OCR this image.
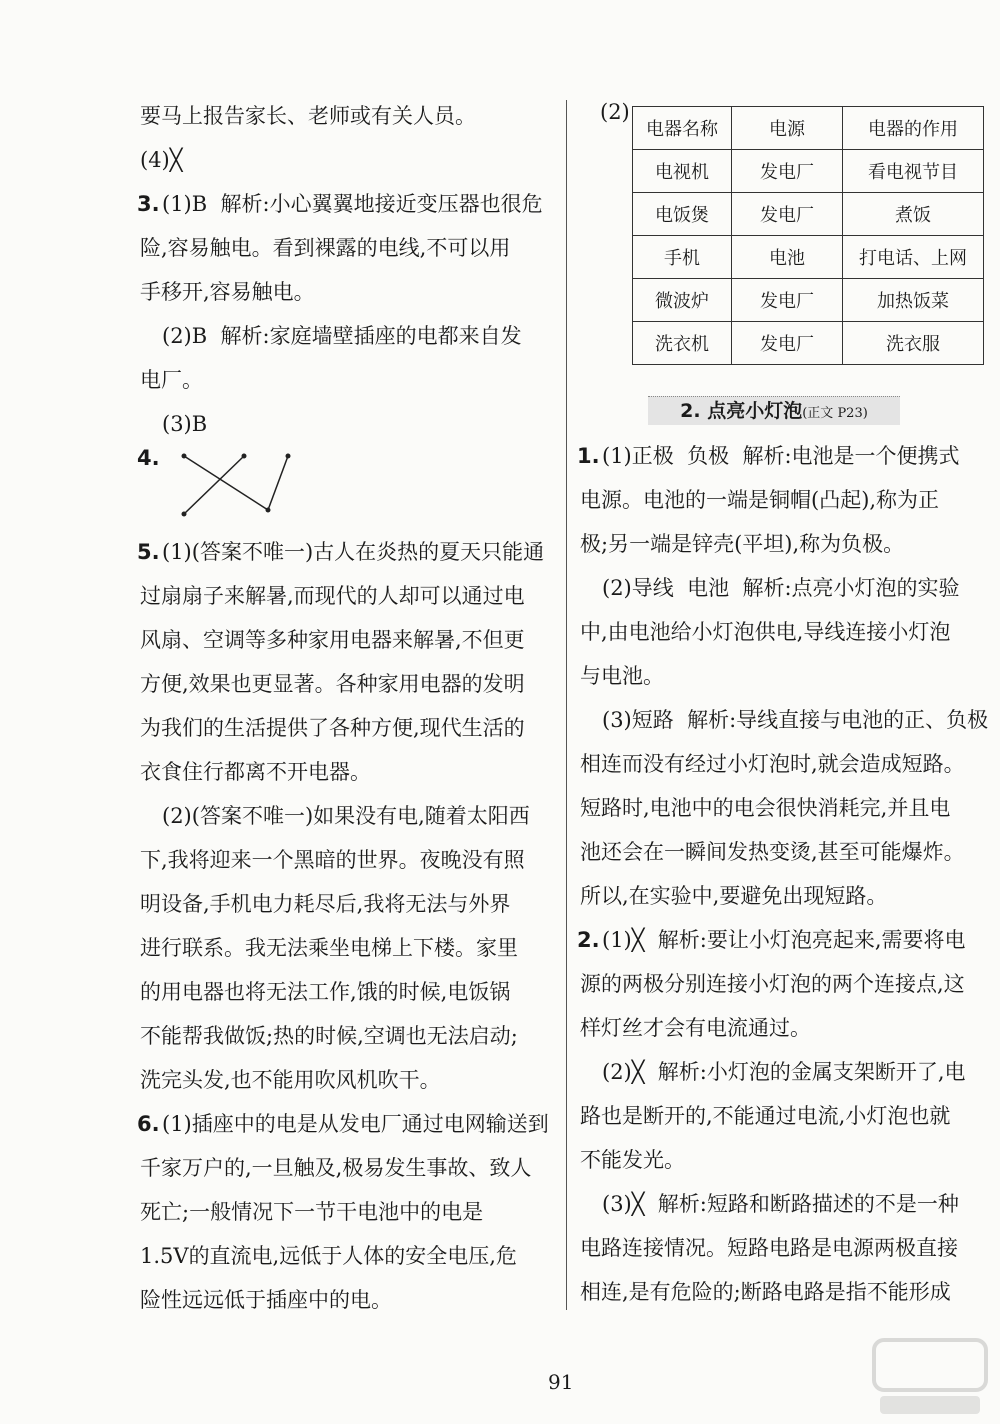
要马上报告家长、老师或有关人员。
(4)╳
3. (1)B  解析:小心翼翼地接近变压器也很危
险,容易触电。看到裸露的电线,不可以用
手移开,容易触电。
(2)B  解析:家庭墙壁插座的电都来自发
电厂。
(3)B
4.
5. (1)(答案不唯一)古人在炎热的夏天只能通
过扇扇子来解暑,而现代的人却可以通过电
风扇、空调等多种家用电器来解暑,不但更
方便,效果也更显著。各种家用电器的发明
为我们的生活提供了各种方便,现代生活的
衣食住行都离不开电器。
(2)(答案不唯一)如果没有电,随着太阳西
下,我将迎来一个黑暗的世界。夜晚没有照
明设备,手机电力耗尽后,我将无法与外界
进行联系。我无法乘坐电梯上下楼。家里
的用电器也将无法工作,饿的时候,电饭锅
不能帮我做饭;热的时候,空调也无法启动;
洗完头发,也不能用吹风机吹干。
6. (1)插座中的电是从发电厂通过电网输送到
千家万户的,一旦触及,极易发生事故、致人
死亡;一般情况下一节干电池中的电是
1.5V的直流电,远低于人体的安全电压,危
险性远远低于插座中的电。
(2)
电器名称	电源	电器的作用
电视机	发电厂	看电视节目
电饭煲	发电厂	煮饭
手机	电池	打电话、上网
微波炉	发电厂	加热饭菜
洗衣机	发电厂	洗衣服
2. 点亮小灯泡(正文 P23)
1. (1)正极  负极  解析:电池是一个便携式
电源。电池的一端是铜帽(凸起),称为正
极;另一端是锌壳(平坦),称为负极。
(2)导线  电池  解析:点亮小灯泡的实验
中,由电池给小灯泡供电,导线连接小灯泡
与电池。
(3)短路  解析:导线直接与电池的正、负极
相连而没有经过小灯泡时,就会造成短路。
短路时,电池中的电会很快消耗完,并且电
池还会在一瞬间发热变烫,甚至可能爆炸。
所以,在实验中,要避免出现短路。
2. (1)╳  解析:要让小灯泡亮起来,需要将电
源的两极分别连接小灯泡的两个连接点,这
样灯丝才会有电流通过。
(2)╳  解析:小灯泡的金属支架断开了,电
路也是断开的,不能通过电流,小灯泡也就
不能发光。
(3)╳  解析:短路和断路描述的不是一种
电路连接情况。短路电路是电源两极直接
相连,是有危险的;断路电路是指不能形成
91
